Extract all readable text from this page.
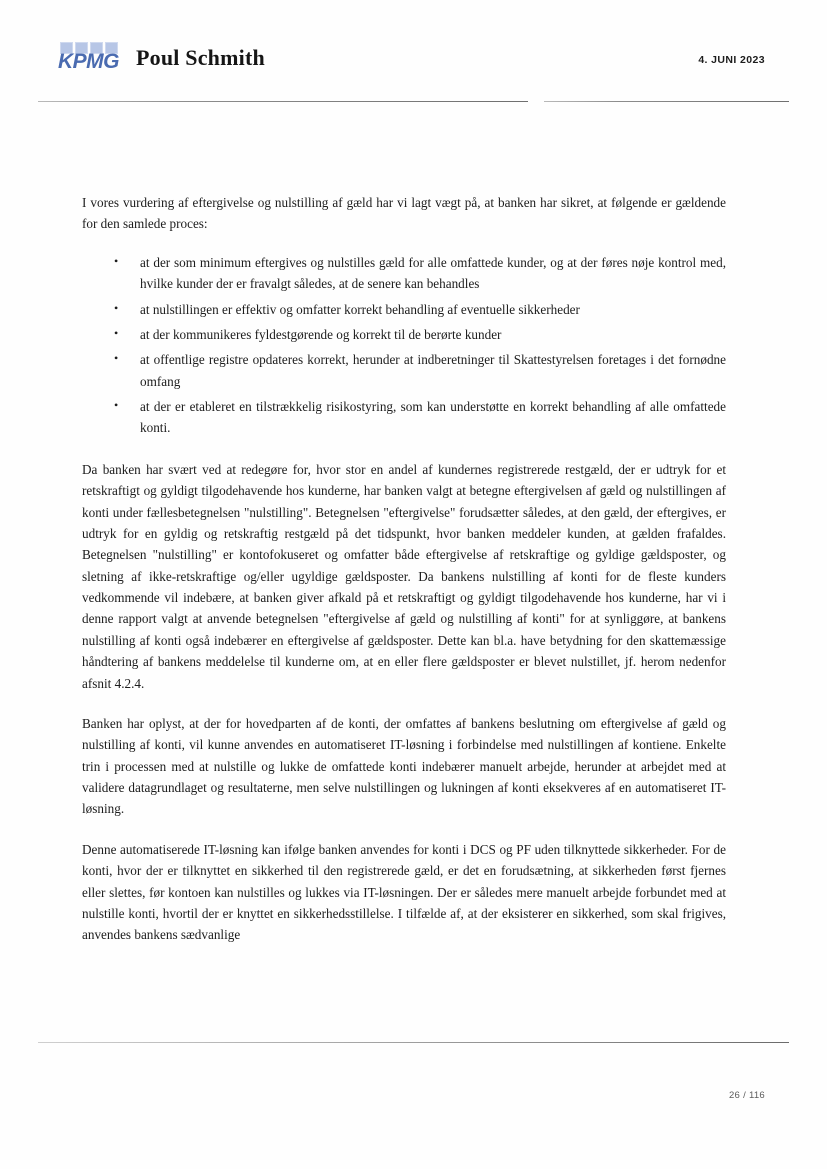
KPMG Poul Schmith	4. JUNI 2023

I vores vurdering af eftergivelse og nulstilling af gæld har vi lagt vægt på, at banken har sikret, at følgende er gældende for den samlede proces:

• at der som minimum eftergives og nulstilles gæld for alle omfattede kunder, og at der føres nøje kontrol med, hvilke kunder der er fravalgt således, at de senere kan behandles
• at nulstillingen er effektiv og omfatter korrekt behandling af eventuelle sikkerheder
• at der kommunikeres fyldestgørende og korrekt til de berørte kunder
• at offentlige registre opdateres korrekt, herunder at indberetninger til Skattestyrelsen foretages i det fornødne omfang
• at der er etableret en tilstrækkelig risikostyring, som kan understøtte en korrekt behandling af alle omfattede konti.

Da banken har svært ved at redegøre for, hvor stor en andel af kundernes registrerede restgæld, der er udtryk for et retskraftigt og gyldigt tilgodehavende hos kunderne, har banken valgt at betegne eftergivelsen af gæld og nulstillingen af konti under fællesbetegnelsen "nulstilling". Betegnelsen "eftergivelse" forudsætter således, at den gæld, der eftergives, er udtryk for en gyldig og retskraftig restgæld på det tidspunkt, hvor banken meddeler kunden, at gælden frafaldes. Betegnelsen "nulstilling" er kontofokuseret og omfatter både eftergivelse af retskraftige og gyldige gældsposter, og sletning af ikke-retskraftige og/eller ugyldige gældsposter. Da bankens nulstilling af konti for de fleste kunders vedkommende vil indebære, at banken giver afkald på et retskraftigt og gyldigt tilgodehavende hos kunderne, har vi i denne rapport valgt at anvende betegnelsen "eftergivelse af gæld og nulstilling af konti" for at synliggøre, at bankens nulstilling af konti også indebærer en eftergivelse af gældsposter. Dette kan bl.a. have betydning for den skattemæssige håndtering af bankens meddelelse til kunderne om, at en eller flere gældsposter er blevet nulstillet, jf. herom nedenfor afsnit 4.2.4.

Banken har oplyst, at der for hovedparten af de konti, der omfattes af bankens beslutning om eftergivelse af gæld og nulstilling af konti, vil kunne anvendes en automatiseret IT-løsning i forbindelse med nulstillingen af kontiene. Enkelte trin i processen med at nulstille og lukke de omfattede konti indebærer manuelt arbejde, herunder at arbejdet med at validere datagrundlaget og resultaterne, men selve nulstillingen og lukningen af konti eksekveres af en automatiseret IT-løsning.

Denne automatiserede IT-løsning kan ifølge banken anvendes for konti i DCS og PF uden tilknyttede sikkerheder. For de konti, hvor der er tilknyttet en sikkerhed til den registrerede gæld, er det en forudsætning, at sikkerheden først fjernes eller slettes, før kontoen kan nulstilles og lukkes via IT-løsningen. Der er således mere manuelt arbejde forbundet med at nulstille konti, hvortil der er knyttet en sikkerhedsstillelse. I tilfælde af, at der eksisterer en sikkerhed, som skal frigives, anvendes bankens sædvanlige

26 / 116
